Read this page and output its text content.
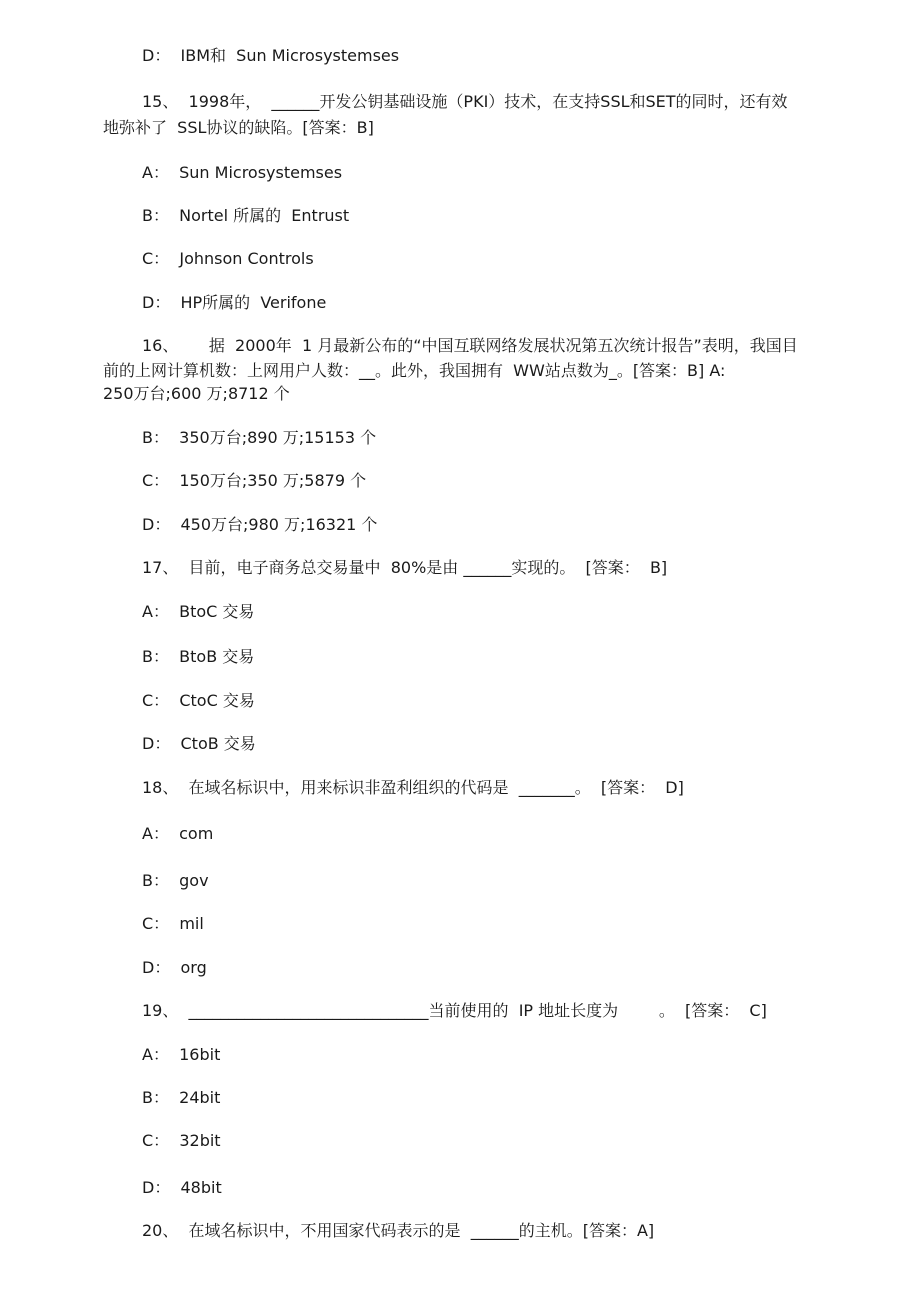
D：  IBM和  Sun Microsystemses
15、  1998年，  ______开发公钥基础设施（PKI）技术，在支持SSL和SET的同时，还有效
地弥补了  SSL协议的缺陷。[答案：B]
A：  Sun Microsystemses
B：  Nortel 所属的  Entrust
C：  Johnson Controls
D：  HP所属的  Verifone
16、      据  2000年  1 月最新公布的“中国互联网络发展状况第五次统计报告”表明，我国目
前的上网计算机数：上网用户人数：__。此外，我国拥有  WW站点数为_。[答案：B] A:
250万台;600 万;8712 个
B：  350万台;890 万;15153 个
C：  150万台;350 万;5879 个
D：  450万台;980 万;16321 个
17、  目前，电子商务总交易量中  80%是由 ______实现的。  [答案：  B]
A：  BtoC 交易
B：  BtoB 交易
C：  CtoC 交易
D：  CtoB 交易
18、  在域名标识中，用来标识非盈利组织的代码是  _______。  [答案：  D]
A：  com
B：  gov
C：  mil
D：  org
19、  ______________________________当前使用的  IP 地址长度为        。  [答案：  C]
A：  16bit
B：  24bit
C：  32bit
D：  48bit
20、  在域名标识中，不用国家代码表示的是  ______的主机。[答案：A]
